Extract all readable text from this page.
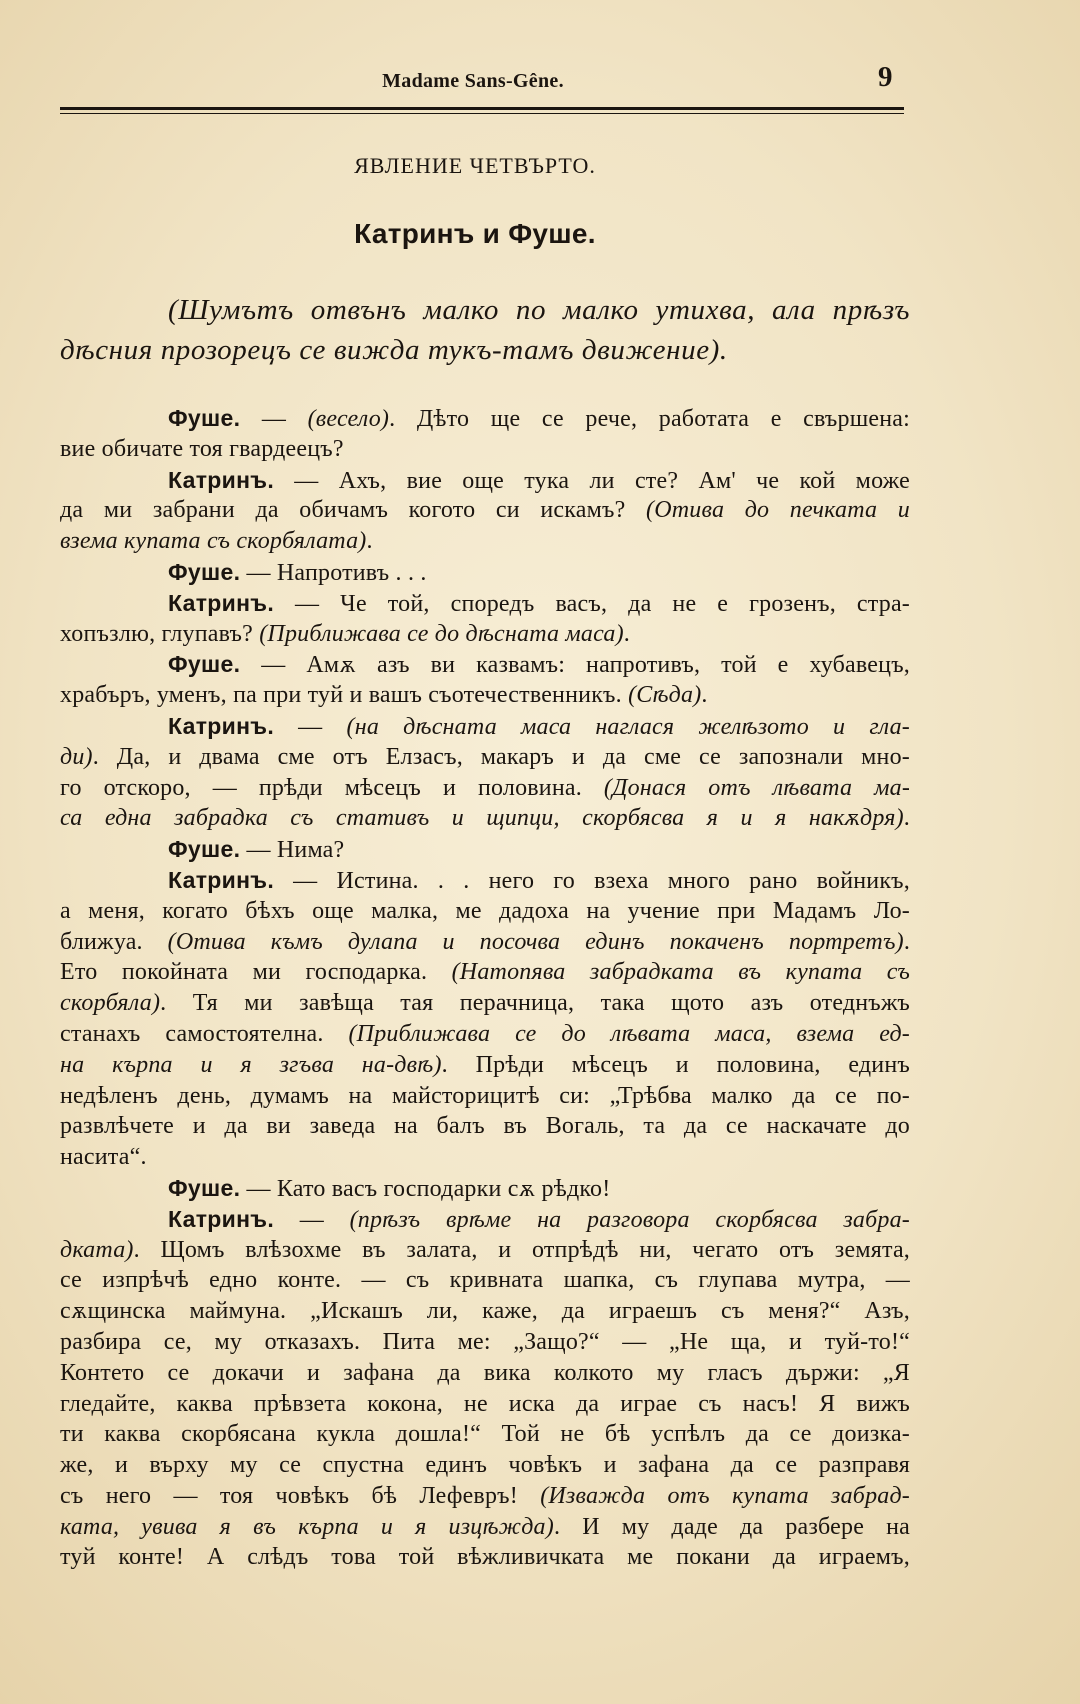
Madame Sans-Gêne.	9
ЯВЛЕНИЕ ЧЕТВЪРТО.
Катринъ и Фуше.
(Шумътъ отвънъ малко по малко утихва, ала прѣзъ
дѣсния прозорецъ се вижда тукъ-тамъ движение).
Фуше. — (весело). Дѣто ще се рече, работата е свършена:
вие обичате тоя гвардеецъ?
Катринъ. — Ахъ, вие още тука ли сте? Ам' че кой може
да ми забрани да обичамъ когото си искамъ? (Отива до печката и
взема купата съ скорбялата).
Фуше. — Напротивъ . . .
Катринъ. — Че той, споредъ васъ, да не е грозенъ, стра-
хопъзлю, глупавъ? (Приближава се до дѣсната маса).
Фуше. — Амѫ азъ ви казвамъ: напротивъ, той е хубавецъ,
храбъръ, уменъ, па при туй и вашъ съотечественникъ. (Сѣда).
Катринъ. — (на дѣсната маса наглася желѣзото и гла-
ди). Да, и двама сме отъ Елзасъ, макаръ и да сме се запознали мно-
го отскоро, — прѣди мѣсецъ и половина. (Донася отъ лѣвата ма-
са една забрадка съ стативъ и щипци, скорбясва я и я накѫдря).
Фуше. — Нима?
Катринъ. — Истина. . . него го взеха много рано войникъ,
а меня, когато бѣхъ още малка, ме дадоха на учение при Мадамъ Ло-
ближуа. (Отива къмъ дулапа и посочва единъ покаченъ портретъ).
Ето покойната ми господарка. (Натопява забрадката въ купата съ
скорбяла). Тя ми завѣща тая перачница, така щото азъ отеднъжъ
станахъ самостоятелна. (Приближава се до лѣвата маса, взема ед-
на кърпа и я згъва на-двѣ). Прѣди мѣсецъ и половина, единъ
недѣленъ день, думамъ на майсторицитѣ си: „Трѣбва малко да се по-
развлѣчете и да ви заведа на балъ въ Вогаль, та да се наскачате до
насита“.
Фуше. — Като васъ господарки сѫ рѣдко!
Катринъ. — (прѣзъ врѣме на разговора скорбясва забра-
дката). Щомъ влѣзохме въ залата, и отпрѣдѣ ни, чегато отъ земята,
се изпрѣчѣ едно конте. — съ кривната шапка, съ глупава мутра, —
сѫщинска маймуна. „Искашъ ли, каже, да играешъ съ меня?“ Азъ,
разбира се, му отказахъ. Пита ме: „Защо?“ — „Не ща, и туй-то!“
Контето се докачи и зафана да вика колкото му гласъ държи: „Я
гледайте, каква прѣвзета кокона, не иска да играе съ насъ! Я вижъ
ти каква скорбясана кукла дошла!“ Той не бѣ успѣлъ да се доизка-
же, и върху му се спустна единъ човѣкъ и зафана да се разправя
съ него — тоя човѣкъ бѣ Лефевръ! (Изважда отъ купата забрад-
ката, увива я въ кърпа и я изцѣжда). И му даде да разбере на
туй конте! А слѣдъ това той вѣжливичката ме покани да играемъ,
